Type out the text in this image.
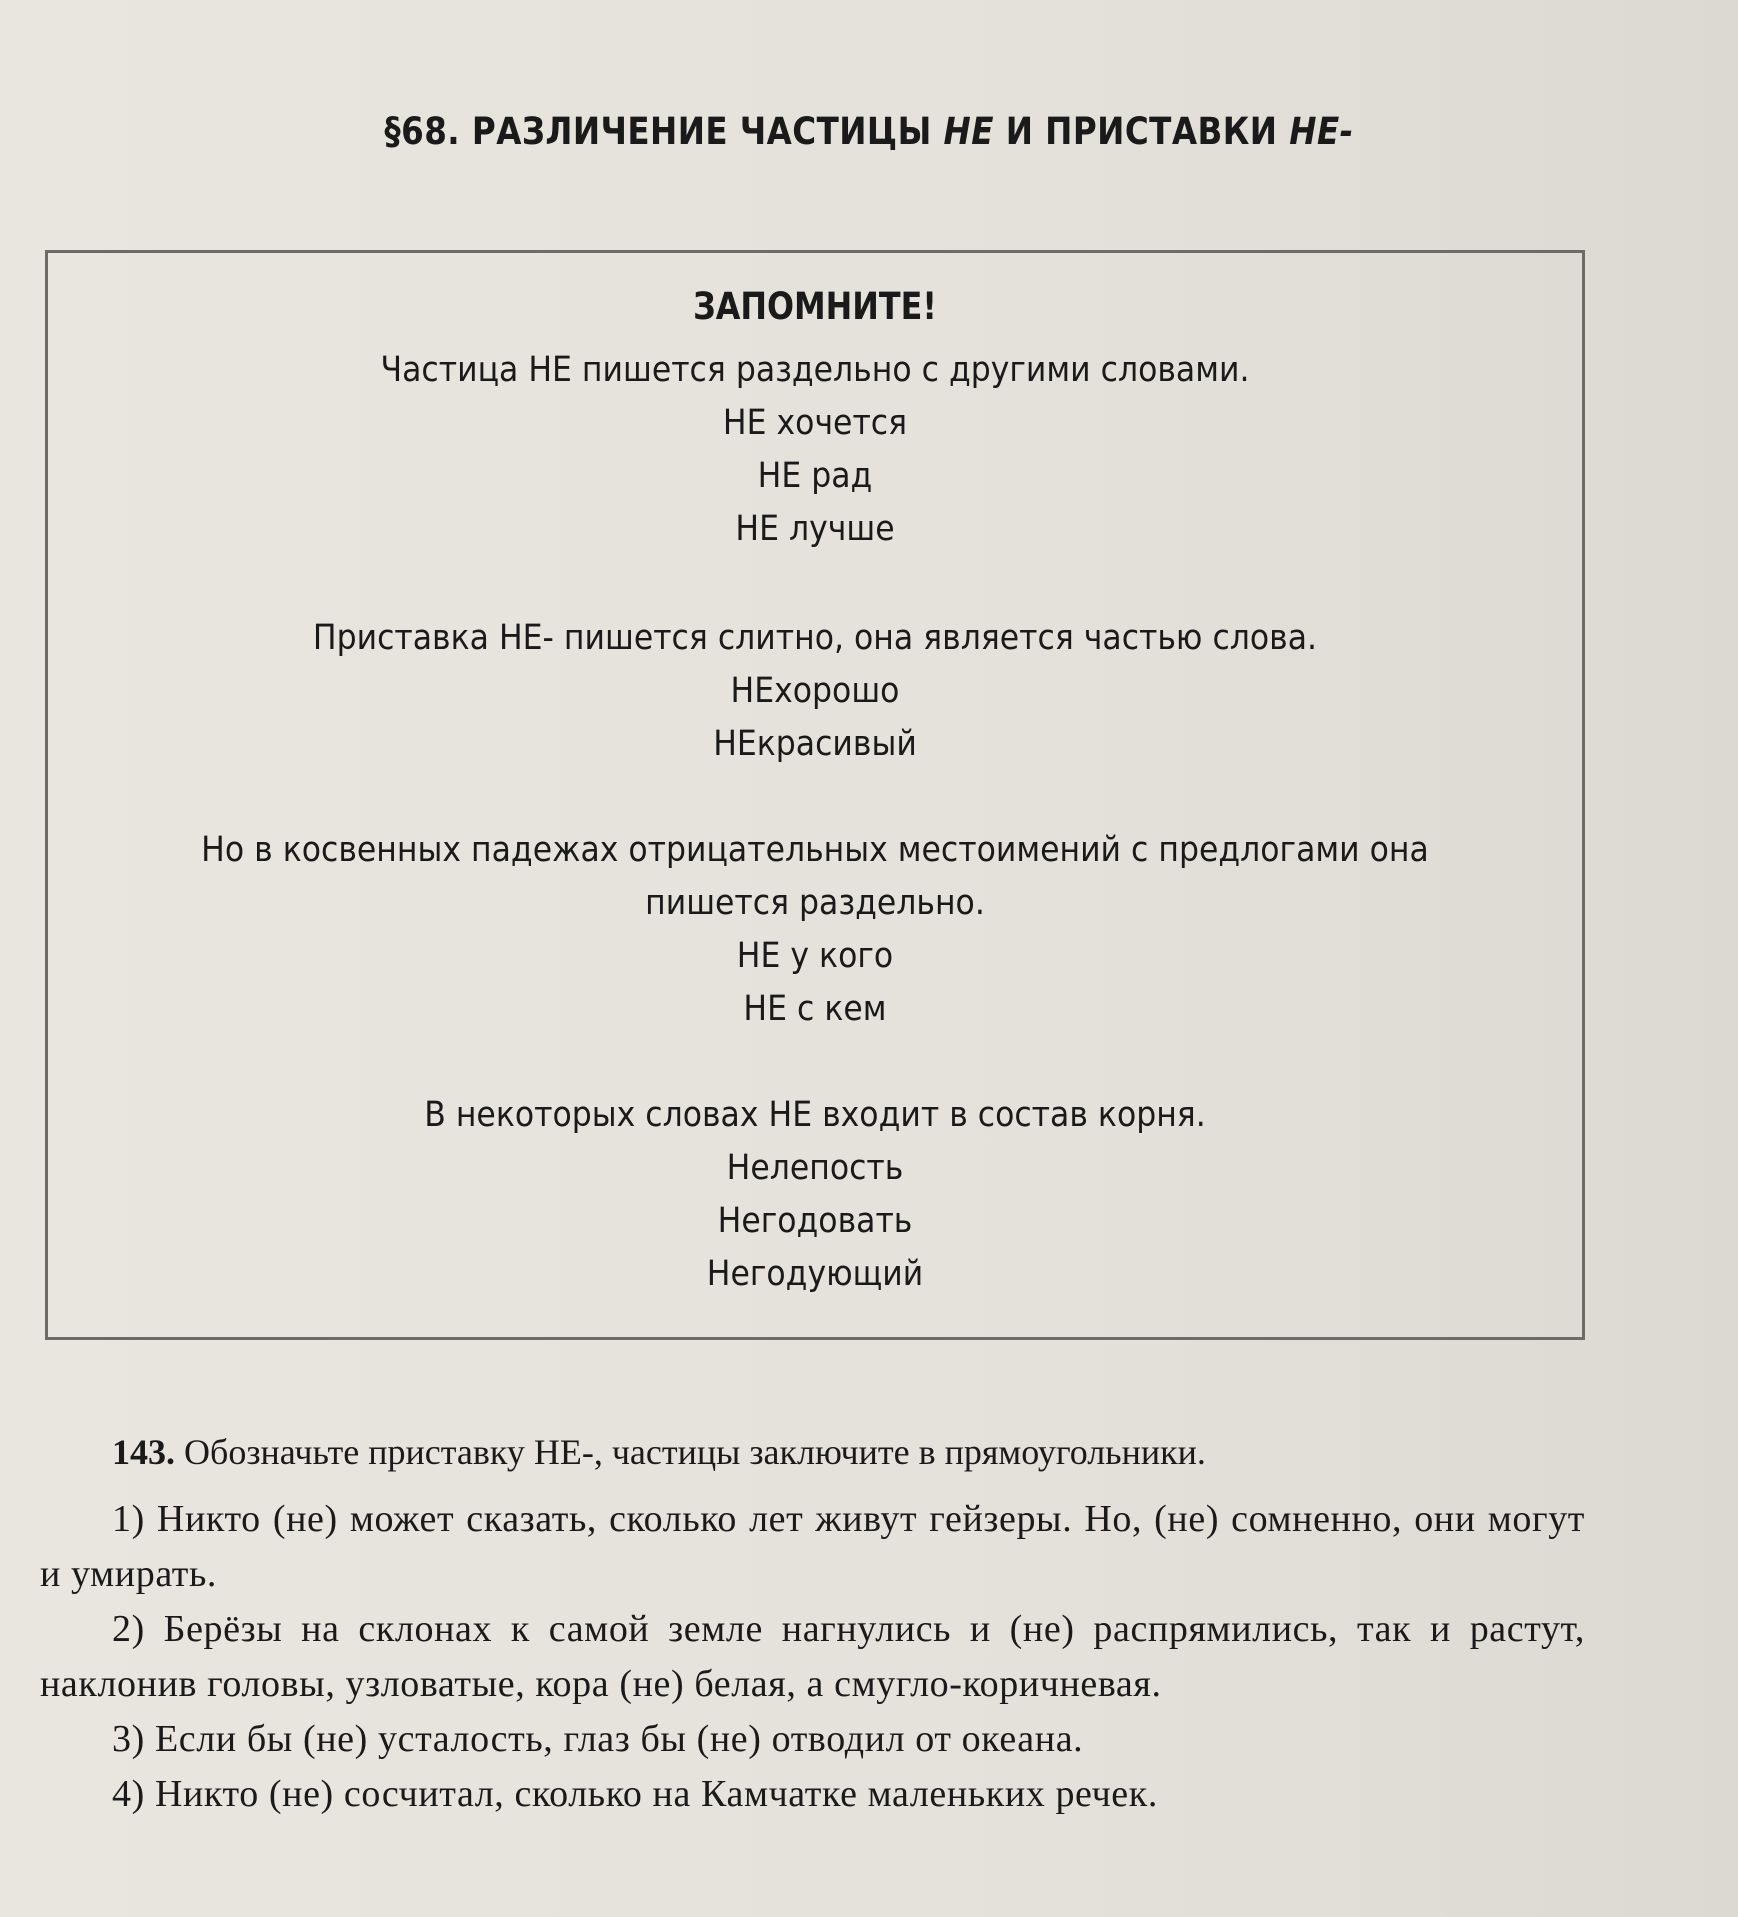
§68. РАЗЛИЧЕНИЕ ЧАСТИЦЫ НЕ И ПРИСТАВКИ НЕ-
ЗАПОМНИТЕ!
Частица НЕ пишется раздельно с другими словами.
НЕ хочется
НЕ рад
НЕ лучше
Приставка НЕ- пишется слитно, она является частью слова.
НЕхорошо
НЕкрасивый
Но в косвенных падежах отрицательных местоимений с предлогами она
пишется раздельно.
НЕ у кого
НЕ с кем
В некоторых словах НЕ входит в состав корня.
Нелепость
Негодовать
Негодующий

143. Обозначьте приставку НЕ-, частицы заключите в прямоугольники.

1) Никто (не) может сказать, сколько лет живут гейзеры. Но, (не) сомненно, они могут и умирать.

2) Берёзы на склонах к самой земле нагнулись и (не) распрямились, так и растут, наклонив головы, узловатые, кора (не) белая, а смугло-коричневая.

3) Если бы (не) усталость, глаз бы (не) отводил от океана.

4) Никто (не) сосчитал, сколько на Камчатке маленьких речек.
